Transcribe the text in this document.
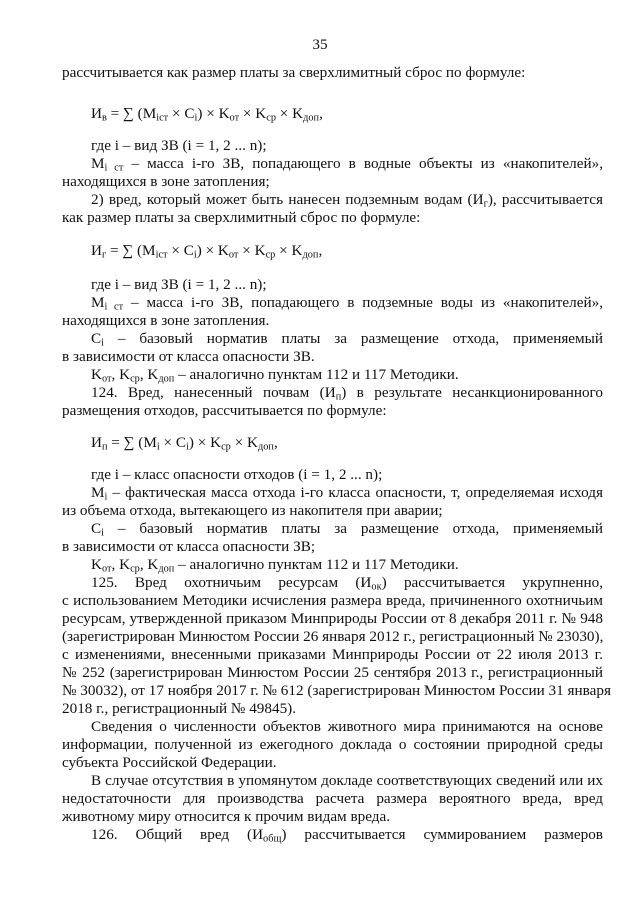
35
рассчитывается как размер платы за сверхлимитный сброс по формуле:
$И_в$ = ∑ $(M_{iст} \times C_i) \times K_{от} \times K_{ср} \times K_{доп}$,
где i – вид ЗВ (i = 1, 2 ... n);
$M_{i ст}$ – масса i-го ЗВ, попадающего в водные объекты из «накопителей»,
находящихся в зоне затопления;
2) вред, который может быть нанесен подземным водам $(И_г)$, рассчитывается
как размер платы за сверхлимитный сброс по формуле:
$И_г$ = ∑ $(M_{iст} \times C_i) \times K_{от} \times K_{ср} \times K_{доп}$,
где i – вид ЗВ (i = 1, 2 ... n);
$M_{i ст}$ – масса i-го ЗВ, попадающего в подземные воды из «накопителей»,
находящихся в зоне затопления.
$C_i$ – базовый норматив платы за размещение отхода, применяемый
в зависимости от класса опасности ЗВ.
$K_{от}$, $K_{ср}$, $K_{доп}$ – аналогично пунктам 112 и 117 Методики.
124. Вред, нанесенный почвам $(И_п)$ в результате несанкционированного
размещения отходов, рассчитывается по формуле:
$И_п$ = ∑ $(M_i \times C_i) \times K_{ср} \times K_{доп}$,
где i – класс опасности отходов (i = 1, 2 ... n);
$M_i$ – фактическая масса отхода i-го класса опасности, т, определяемая исходя
из объема отхода, вытекающего из накопителя при аварии;
$C_i$ – базовый норматив платы за размещение отхода, применяемый
в зависимости от класса опасности ЗВ;
$K_{от}$, $K_{ср}$, $K_{доп}$ – аналогично пунктам 112 и 117 Методики.
125. Вред охотничьим ресурсам $(И_{ок})$ рассчитывается укрупненно,
с использованием Методики исчисления размера вреда, причиненного охотничьим
ресурсам, утвержденной приказом Минприроды России от 8 декабря 2011 г. № 948
(зарегистрирован Минюстом России 26 января 2012 г., регистрационный № 23030),
с изменениями, внесенными приказами Минприроды России от 22 июля 2013 г.
№ 252 (зарегистрирован Минюстом России 25 сентября 2013 г., регистрационный
№ 30032), от 17 ноября 2017 г. № 612 (зарегистрирован Минюстом России 31 января
2018 г., регистрационный № 49845).
Сведения о численности объектов животного мира принимаются на основе
информации, полученной из ежегодного доклада о состоянии природной среды
субъекта Российской Федерации.
В случае отсутствия в упомянутом докладе соответствующих сведений или их
недостаточности для производства расчета размера вероятного вреда, вред
животному миру относится к прочим видам вреда.
126. Общий вред $(И_{общ})$ рассчитывается суммированием размеров
